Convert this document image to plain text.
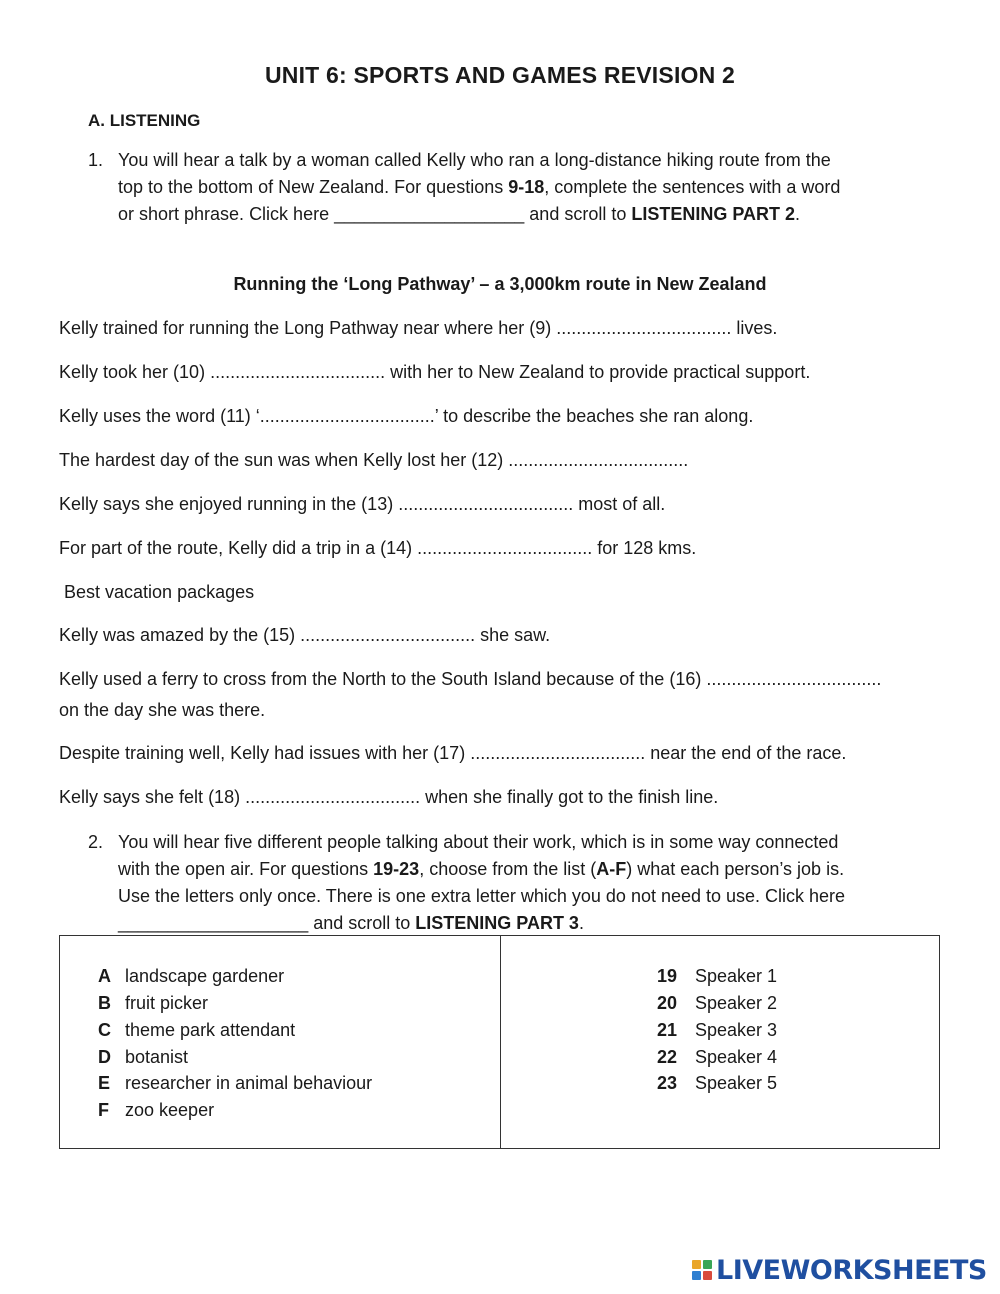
UNIT 6: SPORTS AND GAMES REVISION 2
A. LISTENING
1. You will hear a talk by a woman called Kelly who ran a long-distance hiking route from the
top to the bottom of New Zealand. For questions 9-18, complete the sentences with a word
or short phrase. Click here ___________________ and scroll to LISTENING PART 2.
Running the ‘Long Pathway’ – a 3,000km route in New Zealand
Kelly trained for running the Long Pathway near where her (9) ................................... lives.
Kelly took her (10) ................................... with her to New Zealand to provide practical support.
Kelly uses the word (11) ‘...................................’ to describe the beaches she ran along.
The hardest day of the sun was when Kelly lost her (12) ....................................
Kelly says she enjoyed running in the (13) ................................... most of all.
For part of the route, Kelly did a trip in a (14) ................................... for 128 kms.
Best vacation packages
Kelly was amazed by the (15) ................................... she saw.
Kelly used a ferry to cross from the North to the South Island because of the (16) ...................................
on the day she was there.
Despite training well, Kelly had issues with her (17) ................................... near the end of the race.
Kelly says she felt (18) ................................... when she finally got to the finish line.
2. You will hear five different people talking about their work, which is in some way connected
with the open air. For questions 19-23, choose from the list (A-F) what each person’s job is.
Use the letters only once. There is one extra letter which you do not need to use. Click here
___________________ and scroll to LISTENING PART 3.
A landscape gardener
B fruit picker
C theme park attendant
D botanist
E researcher in animal behaviour
F zoo keeper
19 Speaker 1
20 Speaker 2
21 Speaker 3
22 Speaker 4
23 Speaker 5
LIVEWORKSHEETS
